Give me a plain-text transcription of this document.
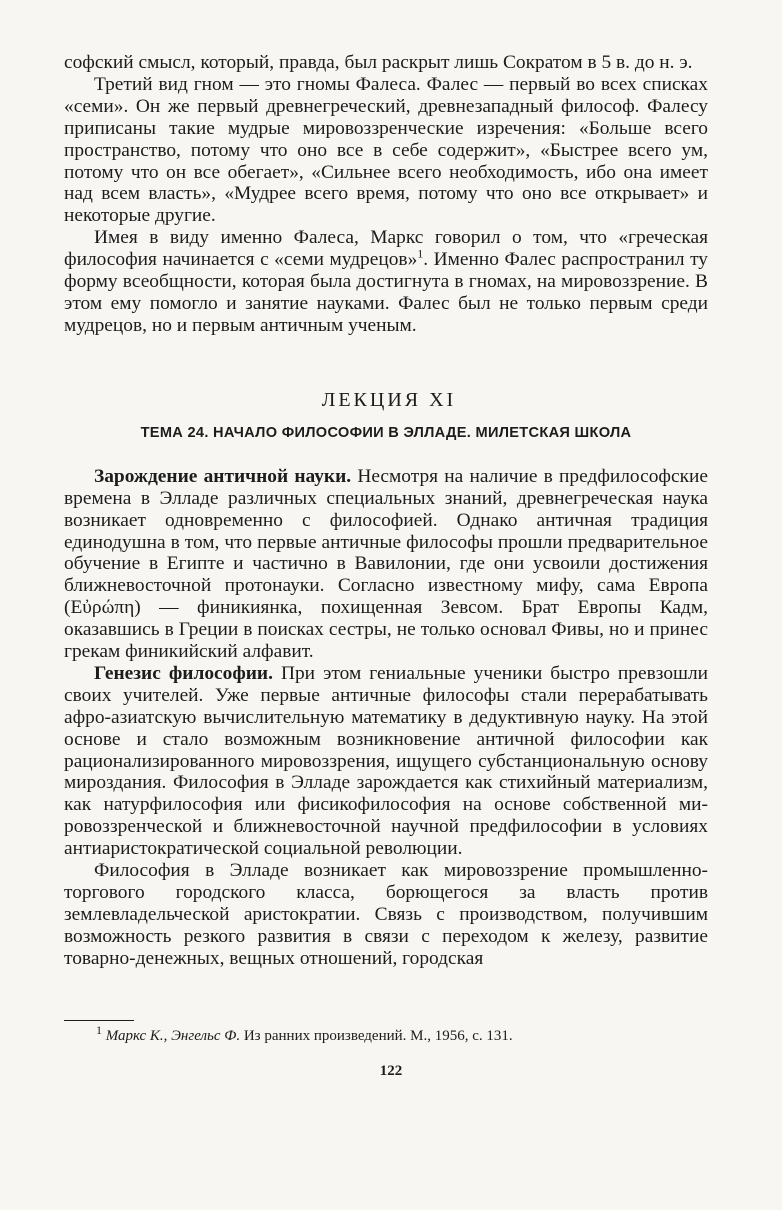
софский смысл, который, правда, был раскрыт лишь Сократом в 5 в. до н. э.

Третий вид гном — это гномы Фалеса. Фалес — первый во всех списках «семи». Он же первый древнегреческий, древнезападный философ. Фалесу приписаны такие мудрые мировоззренческие изречения: «Больше всего пространство, потому что оно все в себе содержит», «Быстрее всего ум, потому что он все обегает», «Сильнее всего необходимость, ибо она имеет над всем власть», «Мудрее всего время, потому что оно все открывает» и некоторые другие.

Имея в виду именно Фалеса, Маркс говорил о том, что «греческая философия начинается с «семи мудрецов»$^1$. Именно Фалес распространил ту форму всеобщности, которая была достигнута в гномах, на мировоззрение. В этом ему помогло и занятие науками. Фалес был не только первым среди мудрецов, но и первым античным ученым.

ЛЕКЦИЯ XI
ТЕМА 24. НАЧАЛО ФИЛОСОФИИ В ЭЛЛАДЕ. МИЛЕТСКАЯ ШКОЛА

Зарождение античной науки. Несмотря на наличие в предфилософские времена в Элладе различных специальных знаний, древнегреческая наука возникает одновременно с философией. Однако античная традиция единодушна в том, что первые античные философы прошли предварительное обучение в Египте и частично в Вавилонии, где они усвоили достижения ближневосточной протонауки. Согласно известному мифу, сама Европа (Εὐρώπη) — финикиянка, похищенная Зевсом. Брат Европы Кадм, оказавшись в Греции в поисках сестры, не только основал Фивы, но и принес грекам финикийский алфавит.

Генезис философии. При этом гениальные ученики быстро превзошли своих учителей. Уже первые античные философы стали перерабатывать афро-азиатскую вычислительную математику в дедуктивную науку. На этой основе и стало возможным возникновение античной философии как рационализированного мировоззрения, ищущего субстанциональную основу мироздания. Философия в Элладе зарождается как стихийный материализм, как натурфилософия или фисикофилософия на основе собственной мировоззренческой и ближневосточной научной предфилософии в условиях антиаристократической социальной революции.

Философия в Элладе возникает как мировоззрение промышленно-торгового городского класса, борющегося за власть против землевладельческой аристократии. Связь с производством, получившим возможность резкого развития в связи с переходом к железу, развитие товарно-денежных, вещных отношений, городская

$^1$ Маркс К., Энгельс Ф. Из ранних произведений. М., 1956, с. 131.
122
